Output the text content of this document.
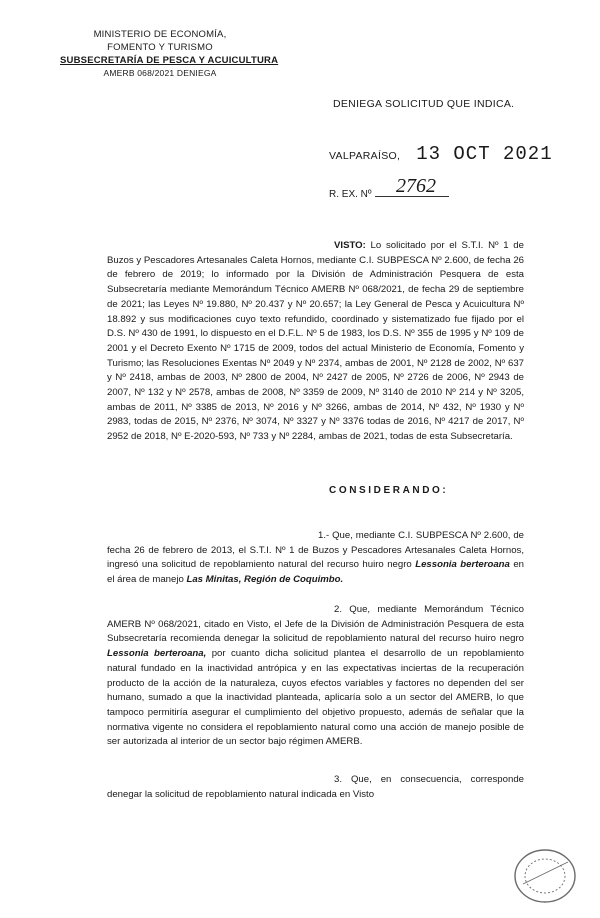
MINISTERIO DE ECONOMÍA,
FOMENTO Y TURISMO
SUBSECRETARÍA DE PESCA Y ACUICULTURA
AMERB 068/2021 DENIEGA
DENIEGA SOLICITUD QUE INDICA.
VALPARAÍSO, 13 OCT 2021
2762
R. EX. Nº
VISTO: Lo solicitado por el S.T.I. Nº 1 de Buzos y Pescadores Artesanales Caleta Hornos, mediante C.I. SUBPESCA Nº 2.600, de fecha 26 de febrero de 2019; lo informado por la División de Administración Pesquera de esta Subsecretaría mediante Memorándum Técnico AMERB Nº 068/2021, de fecha 29 de septiembre de 2021; las Leyes Nº 19.880, Nº 20.437 y Nº 20.657; la Ley General de Pesca y Acuicultura Nº 18.892 y sus modificaciones cuyo texto refundido, coordinado y sistematizado fue fijado por el D.S. Nº 430 de 1991, lo dispuesto en el D.F.L. Nº 5 de 1983, los D.S. Nº 355 de 1995 y Nº 109 de 2001 y el Decreto Exento Nº 1715 de 2009, todos del actual Ministerio de Economía, Fomento y Turismo; las Resoluciones Exentas Nº 2049 y Nº 2374, ambas de 2001, Nº 2128 de 2002, Nº 637 y Nº 2418, ambas de 2003, Nº 2800 de 2004, Nº 2427 de 2005, Nº 2726 de 2006, Nº 2943 de 2007, Nº 132 y Nº 2578, ambas de 2008, Nº 3359 de 2009, Nº 3140 de 2010 Nº 214 y Nº 3205, ambas de 2011, Nº 3385 de 2013, Nº 2016 y Nº 3266, ambas de 2014, Nº 432, Nº 1930 y Nº 2983, todas de 2015, Nº 2376, Nº 3074, Nº 3327 y Nº 3376 todas de 2016, Nº 4217 de 2017, Nº 2952 de 2018, Nº E-2020-593, Nº 733 y Nº 2284, ambas de 2021, todas de esta Subsecretaría.
CONSIDERANDO:
1.- Que, mediante C.I. SUBPESCA Nº 2.600, de fecha 26 de febrero de 2013, el S.T.I. Nº 1 de Buzos y Pescadores Artesanales Caleta Hornos, ingresó una solicitud de repoblamiento natural del recurso huiro negro Lessonia berteroana en el área de manejo Las Minitas, Región de Coquimbo.
2. Que, mediante Memorándum Técnico AMERB Nº 068/2021, citado en Visto, el Jefe de la División de Administración Pesquera de esta Subsecretaría recomienda denegar la solicitud de repoblamiento natural del recurso huiro negro Lessonia berteroana, por cuanto dicha solicitud plantea el desarrollo de un repoblamiento natural fundado en la inactividad antrópica y en las expectativas inciertas de la recuperación producto de la acción de la naturaleza, cuyos efectos variables y factores no dependen del ser humano, sumado a que la inactividad planteada, aplicaría solo a un sector del AMERB, lo que tampoco permitiría asegurar el cumplimiento del objetivo propuesto, además de señalar que la normativa vigente no considera el repoblamiento natural como una acción de manejo posible de ser autorizada al interior de un sector bajo régimen AMERB.
3. Que, en consecuencia, corresponde denegar la solicitud de repoblamiento natural indicada en Visto
